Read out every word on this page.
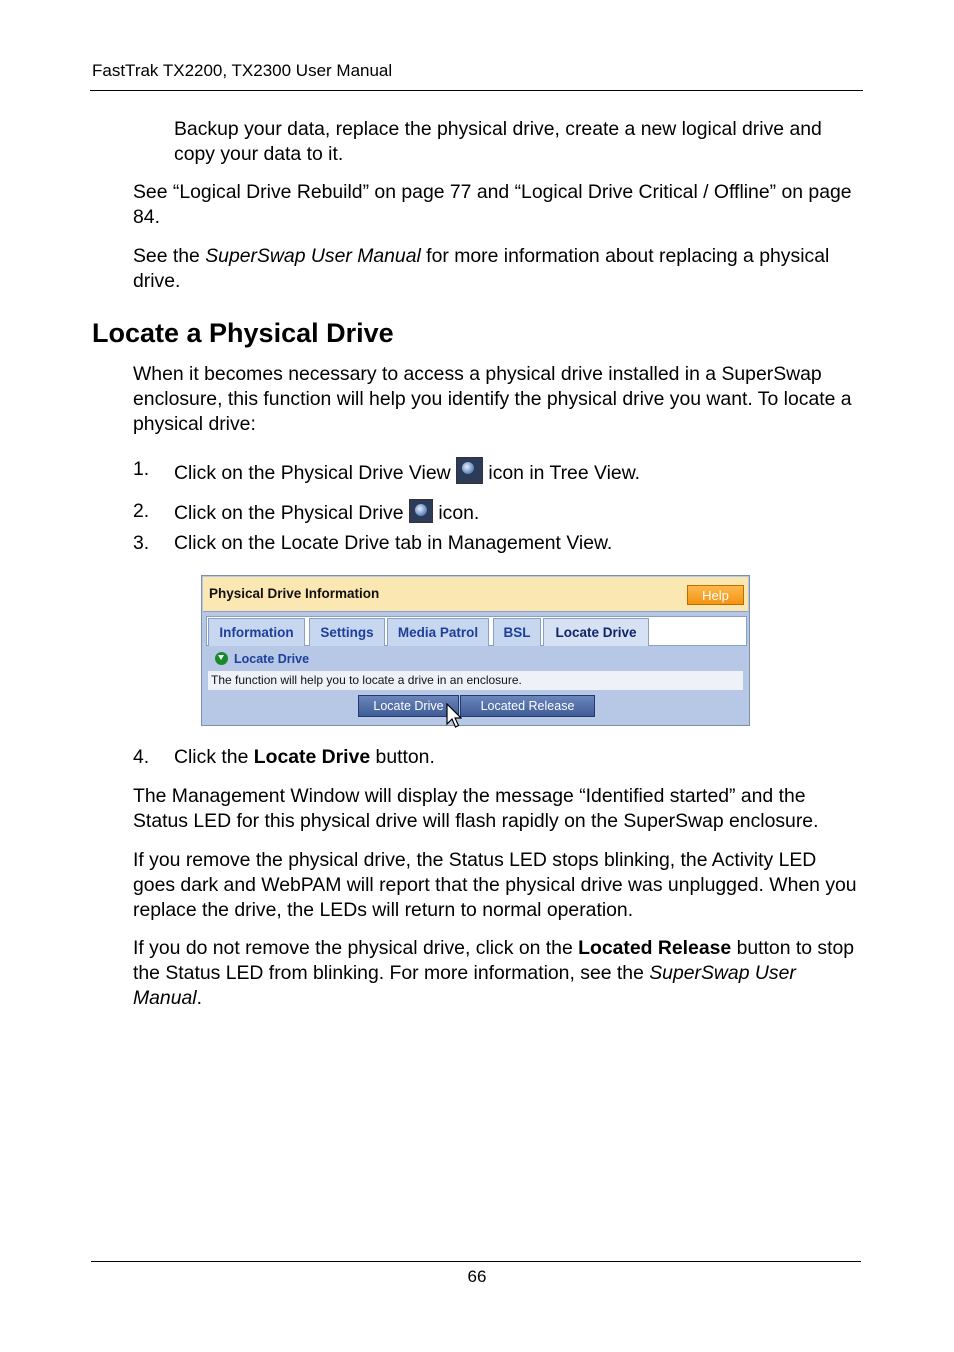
FastTrak TX2200, TX2300 User Manual

Backup your data, replace the physical drive, create a new logical drive and copy your data to it.

See “Logical Drive Rebuild” on page 77 and “Logical Drive Critical / Offline” on page 84.

See the SuperSwap User Manual for more information about replacing a physical drive.

Locate a Physical Drive

When it becomes necessary to access a physical drive installed in a SuperSwap enclosure, this function will help you identify the physical drive you want. To locate a physical drive:

1. Click on the Physical Drive View icon in Tree View.
2. Click on the Physical Drive icon.
3. Click on the Locate Drive tab in Management View.
Physical Drive Information	Help
Information	Settings	Media Patrol	BSL	Locate Drive
Locate Drive
The function will help you to locate a drive in an enclosure.
Locate Drive	Located Release
4. Click the Locate Drive button.

The Management Window will display the message “Identified started” and the Status LED for this physical drive will flash rapidly on the SuperSwap enclosure.

If you remove the physical drive, the Status LED stops blinking, the Activity LED goes dark and WebPAM will report that the physical drive was unplugged. When you replace the drive, the LEDs will return to normal operation.

If you do not remove the physical drive, click on the Located Release button to stop the Status LED from blinking. For more information, see the SuperSwap User Manual.

66
